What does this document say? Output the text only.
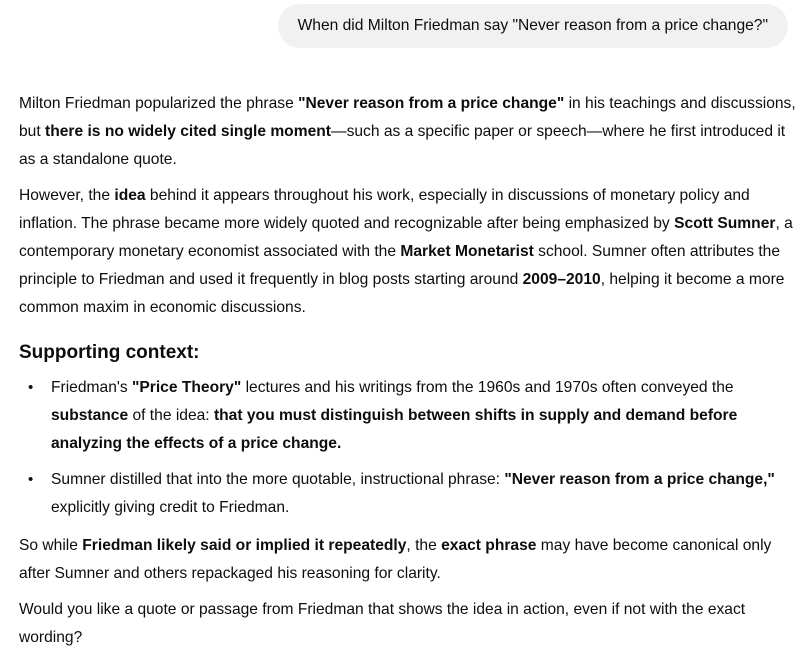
When did Milton Friedman say "Never reason from a price change?"

Milton Friedman popularized the phrase "Never reason from a price change" in his teachings and discussions, but there is no widely cited single moment—such as a specific paper or speech—where he first introduced it as a standalone quote.

However, the idea behind it appears throughout his work, especially in discussions of monetary policy and inflation. The phrase became more widely quoted and recognizable after being emphasized by Scott Sumner, a contemporary monetary economist associated with the Market Monetarist school. Sumner often attributes the principle to Friedman and used it frequently in blog posts starting around 2009–2010, helping it become a more common maxim in economic discussions.

Supporting context:
• Friedman's "Price Theory" lectures and his writings from the 1960s and 1970s often conveyed the substance of the idea: that you must distinguish between shifts in supply and demand before analyzing the effects of a price change.
• Sumner distilled that into the more quotable, instructional phrase: "Never reason from a price change," explicitly giving credit to Friedman.

So while Friedman likely said or implied it repeatedly, the exact phrase may have become canonical only after Sumner and others repackaged his reasoning for clarity.

Would you like a quote or passage from Friedman that shows the idea in action, even if not with the exact wording?
